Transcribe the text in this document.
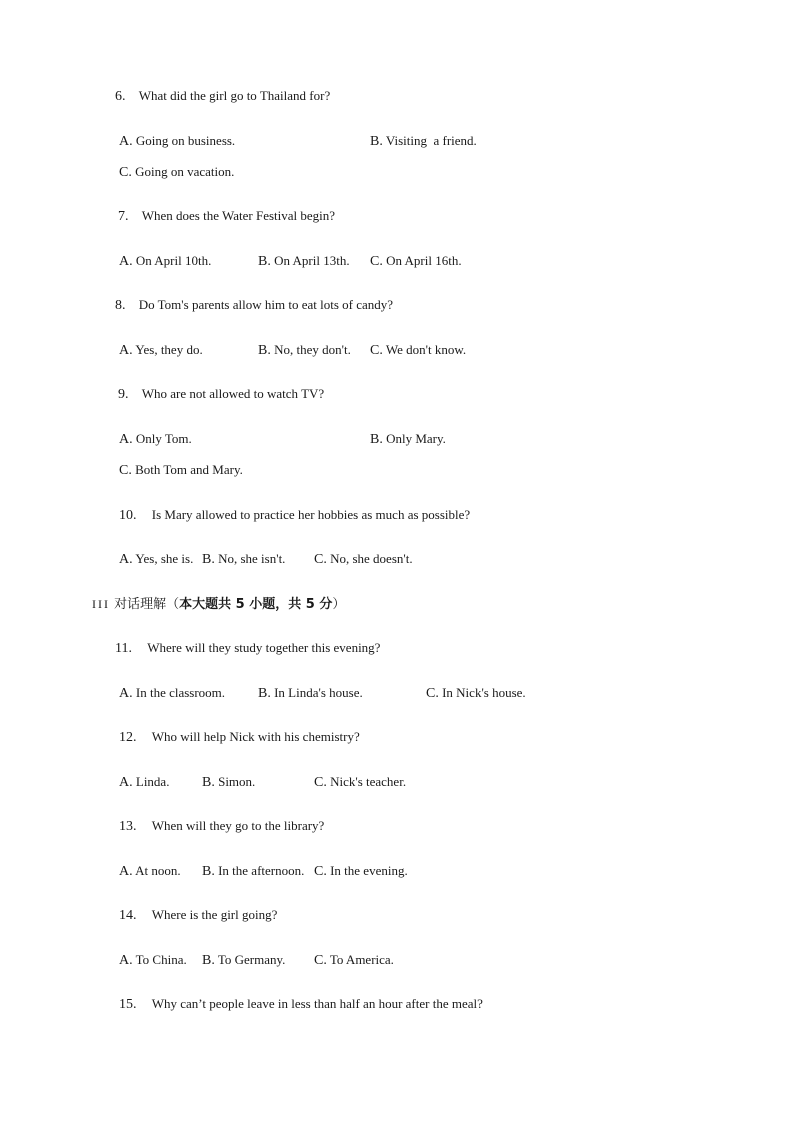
6. What did the girl go to Thailand for?
A. Going on business.	B. Visiting  a friend.
C. Going on vacation.
7. When does the Water Festival begin?
A. On April 10th.	B. On April 13th. C. On April 16th.
8. Do Tom's parents allow him to eat lots of candy?
A. Yes, they do.	B. No, they don't. C. We don't know.
9. Who are not allowed to watch TV?
A. Only Tom.	B. Only Mary.
C. Both Tom and Mary.
10. Is Mary allowed to practice her hobbies as much as possible?
A. Yes, she is. B. No, she isn't. C. No, she doesn't.
III 对话理解（本大题共 5 小题，共 5 分）
11. Where will they study together this evening?
A. In the classroom. B. In Linda's house.	C. In Nick's house.
12. Who will help Nick with his chemistry?
A. Linda. B. Simon.	C. Nick's teacher.
13. When will they go to the library?
A. At noon. B. In the afternoon. C. In the evening.
14. Where is the girl going?
A. To China. B. To Germany. C. To America.
15. Why can’t people leave in less than half an hour after the meal?
